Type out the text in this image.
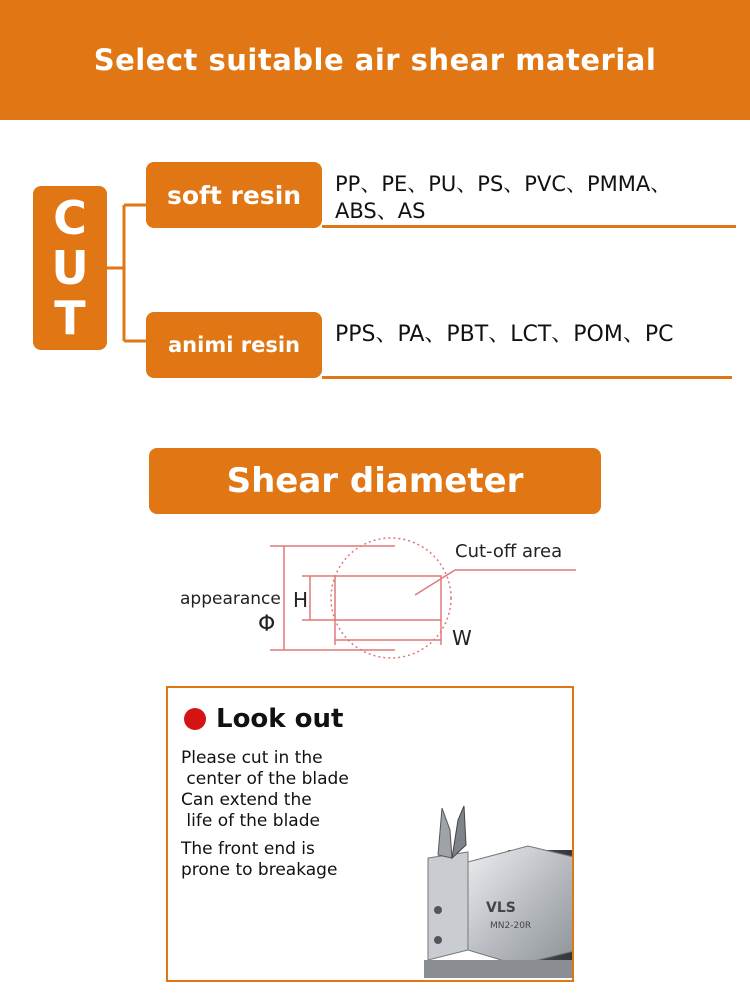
Select suitable air shear material
CUT
soft resin	PP、PE、PU、PS、PVC、PMMA、ABS、AS
animi resin	PPS、PA、PBT、LCT、POM、PC
Shear diameter
Cut-off area
appearance H
Φ
W
Look out
Please cut in the
center of the blade
Can extend the
life of the blade
The front end is
prone to breakage
VLS
MN2-20R
